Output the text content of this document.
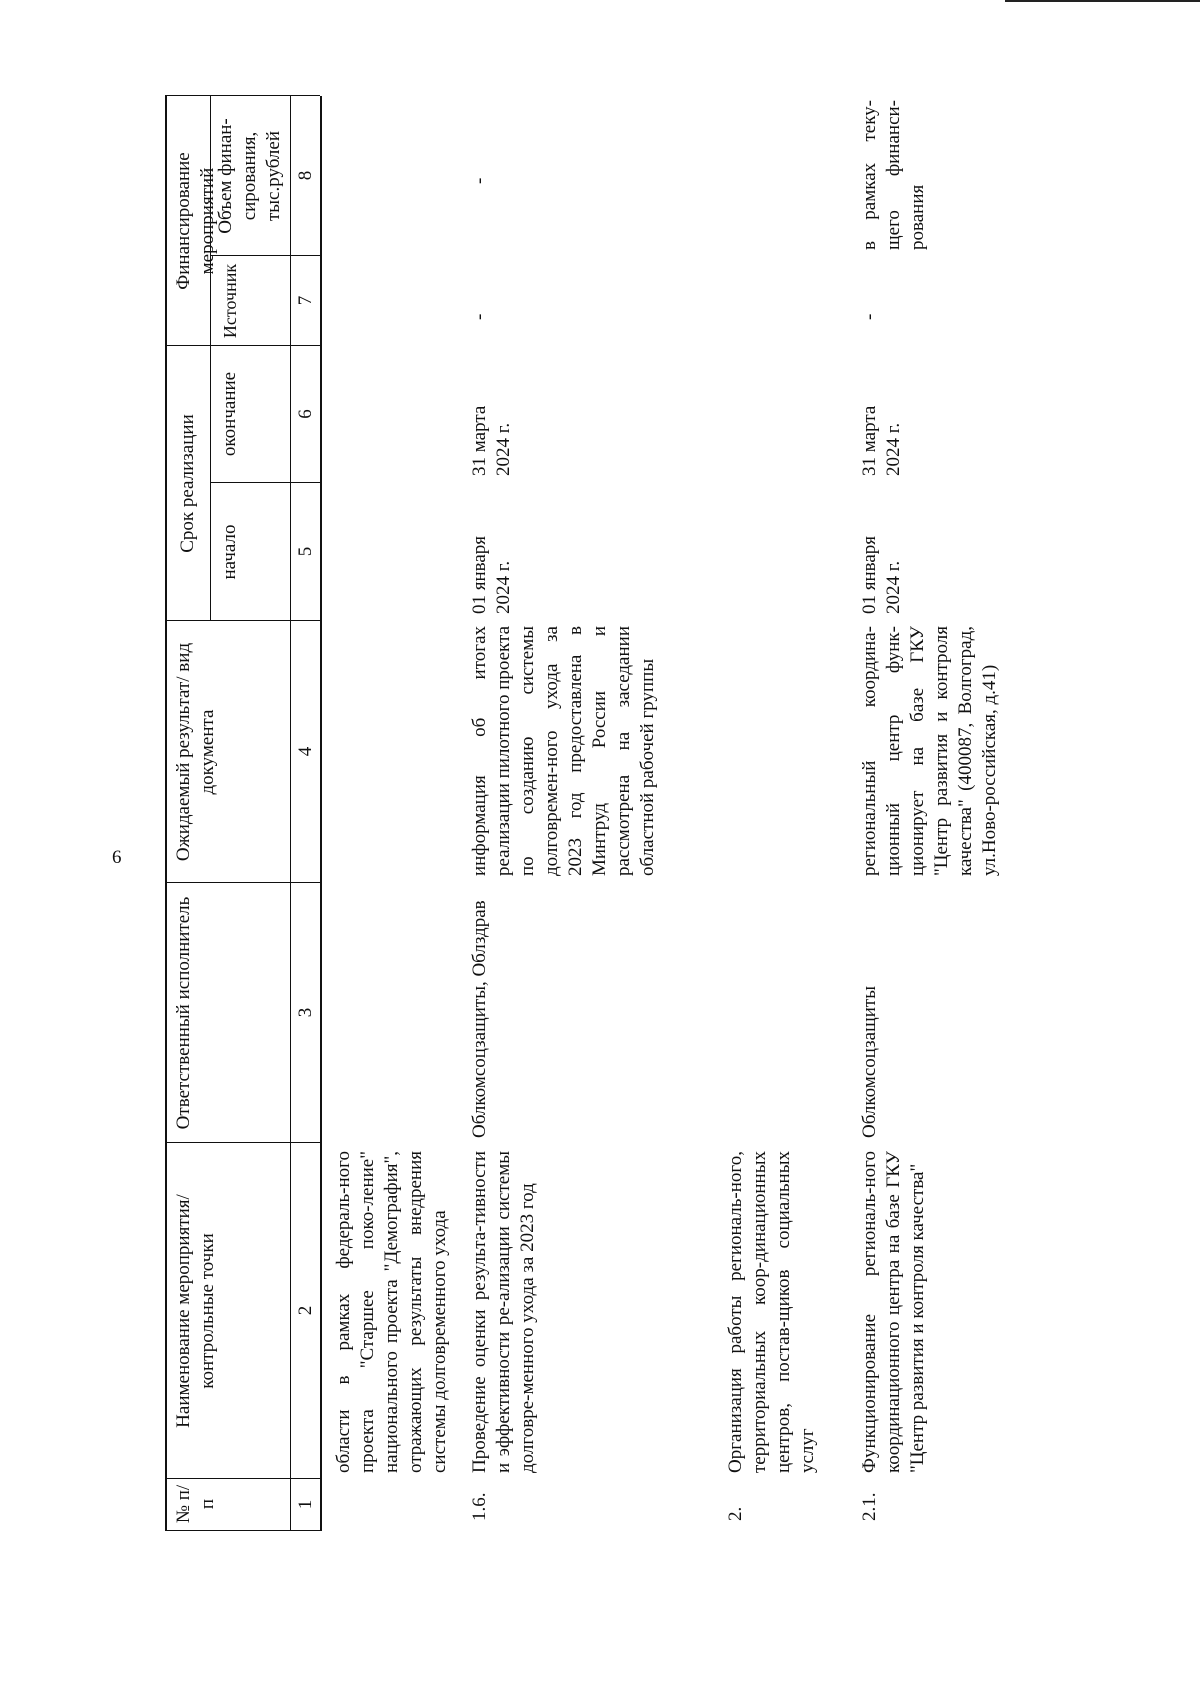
6
№ п/п
Наименование мероприятия/ контрольные точки
Ответственный исполнитель
Ожидаемый результат/ вид документа
Срок реализации начало
окончание
Финансирование мероприятий
Источник
Объем финан-сирования, тыс.рублей
1
2
3
4
5
6
7
8
области в рамках федераль-ного проекта "Старшее поко-ление" национального проекта "Демография", отражающих результаты внедрения системы долговременного ухода
1.6.
Проведение оценки результа-тивности и эффективности ре-ализации системы долговре-менного ухода за 2023 год
Облкомсоцзащиты, Облздрав
информация об итогах реализации пилотного проекта по созданию системы долговремен-ного ухода за 2023 год предоставлена в Минтруд России и рассмотрена на заседании областной рабочей группы
01 января 2024 г.
31 марта 2024 г.
-
-
2.
Организация работы региональ-ного, территориальных коор-динационных центров, постав-щиков социальных услуг
2.1.
Функционирование региональ-ного координационного центра на базе ГКУ "Центр развития и контроля качества"
Облкомсоцзащиты
региональный координа-ционный центр функ-ционирует на базе ГКУ "Центр развития и контроля качества" (400087, Волгоград, ул.Ново-российская, д.41)
01 января 2024 г.
31 марта 2024 г.
-
в рамках теку-щего финанси-рования
